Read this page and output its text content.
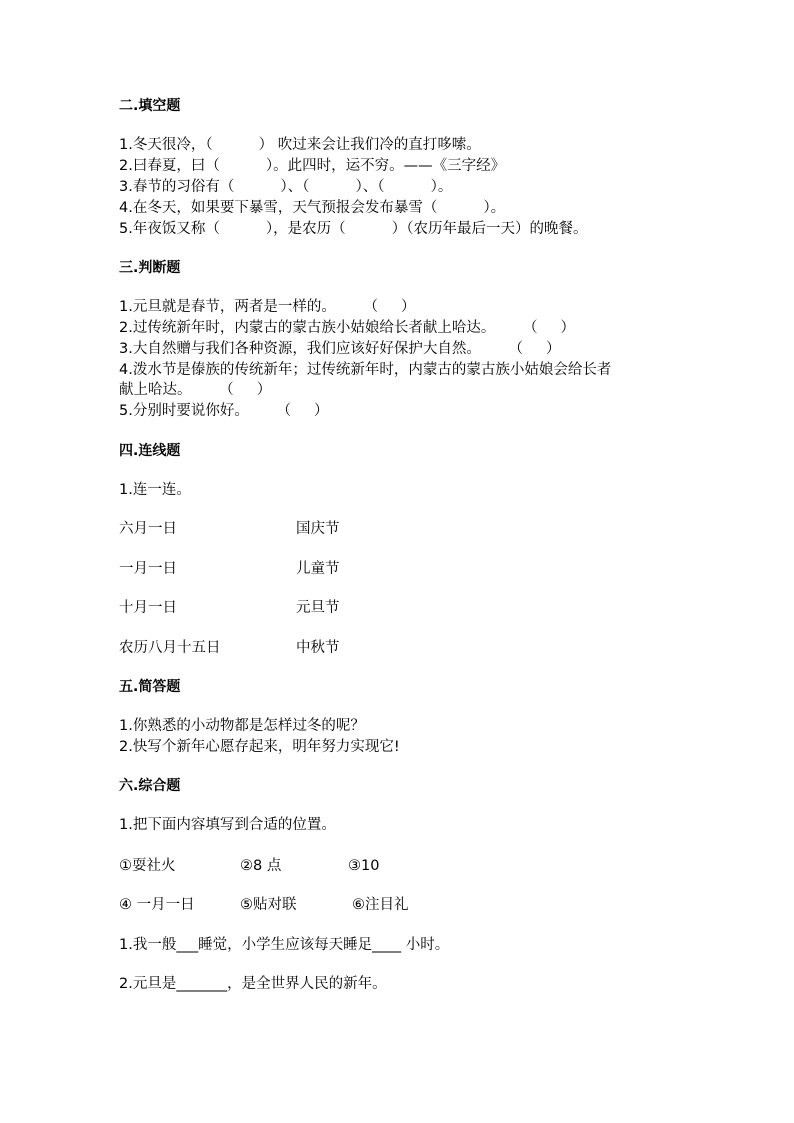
二.填空题
1.冬天很冷，（          ） 吹过来会让我们冷的直打哆嗦。
2.曰春夏，曰（          ）。此四时，运不穷。——《三字经》
3.春节的习俗有（          ）、（          ）、（          ）。
4.在冬天，如果要下暴雪，天气预报会发布暴雪（          ）。
5.年夜饭又称（          ），是农历（          ）（农历年最后一天）的晚餐。
三.判断题
1.元旦就是春节，两者是一样的。      （     ）
2.过传统新年时，内蒙古的蒙古族小姑娘给长者献上哈达。      （     ）
3.大自然赠与我们各种资源，我们应该好好保护大自然。      （     ）
4.泼水节是傣族的传统新年；过传统新年时，内蒙古的蒙古族小姑娘会给长者
献上哈达。      （     ）
5.分别时要说你好。      （     ）
四.连线题
1.连一连。
六月一日	国庆节
一月一日	儿童节
十月一日	元旦节
农历八月十五日	中秋节
五.简答题
1.你熟悉的小动物都是怎样过冬的呢？
2.快写个新年心愿存起来，明年努力实现它!
六.综合题
1.把下面内容填写到合适的位置。
①耍社火	②8 点	③10
④ 一月一日	⑤贴对联	⑥注目礼
1.我一般___睡觉，小学生应该每天睡足____ 小时。
2.元旦是_______，是全世界人民的新年。
